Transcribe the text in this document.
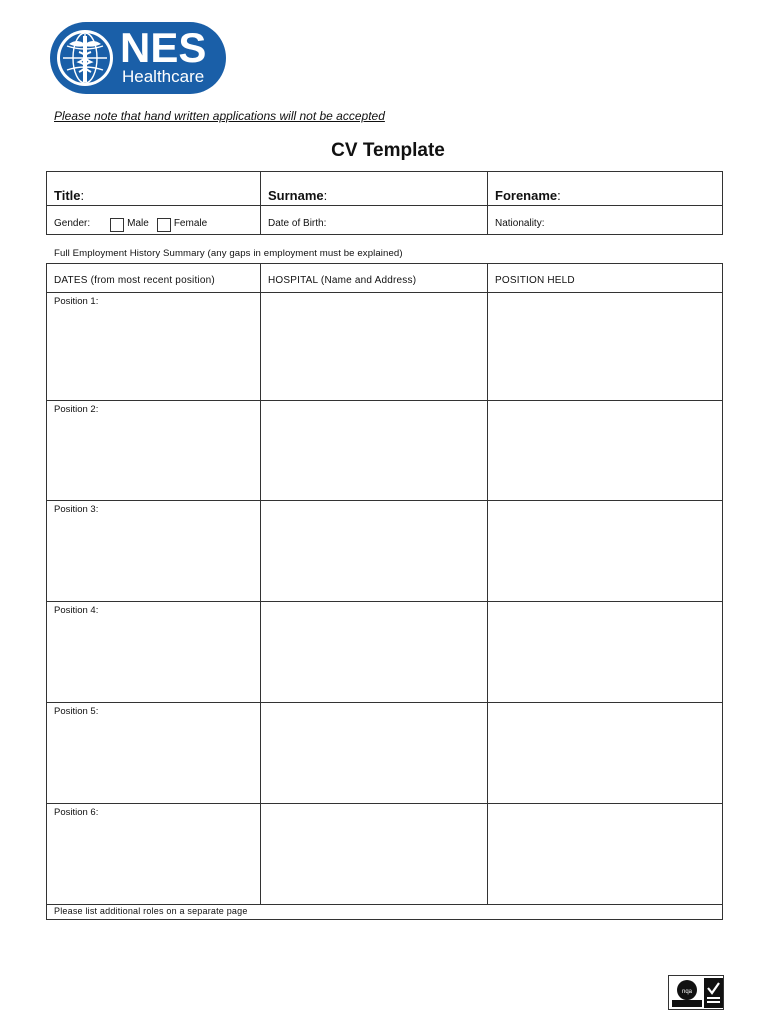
NES
Healthcare
Please note that hand written applications will not be accepted
CV Template
Title:	Surname:	Forename:
Gender: Male Female	Date of Birth:	Nationality:
Full Employment History Summary (any gaps in employment must be explained)
DATES (from most recent position)	HOSPITAL (Name and Address)	POSITION HELD
Position 1:		
Position 2:		
Position 3:		
Position 4:		
Position 5:		
Position 6:		
Please list additional roles on a separate page		
nqa
